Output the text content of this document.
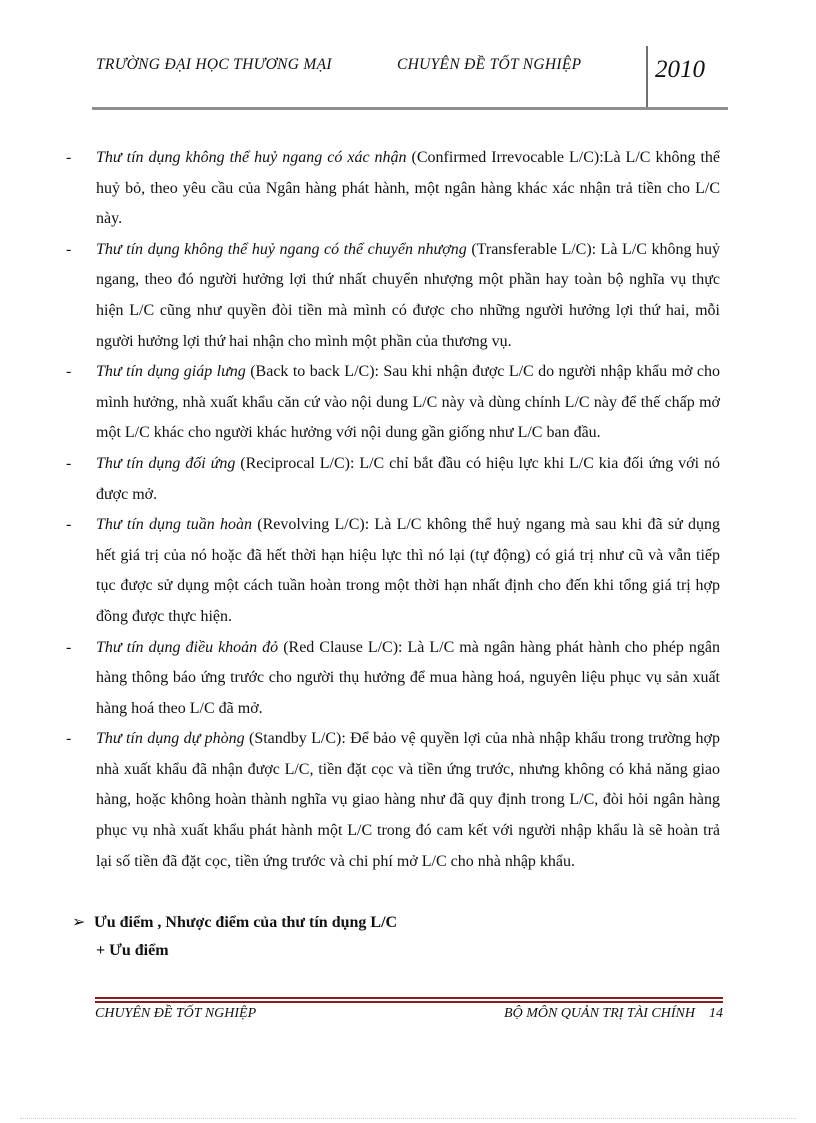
TRƯỜNG ĐẠI HỌC THƯƠNG MẠI	CHUYÊN ĐỀ TỐT NGHIỆP	2010
- Thư tín dụng không thể huỷ ngang có xác nhận (Confirmed Irrevocable L/C):Là L/C không thể huỷ bỏ, theo yêu cầu của Ngân hàng phát hành, một ngân hàng khác xác nhận trả tiền cho L/C này.
- Thư tín dụng không thể huỷ ngang có thể chuyển nhượng (Transferable L/C): Là L/C không huỷ ngang, theo đó người hưởng lợi thứ nhất chuyển nhượng một phần hay toàn bộ nghĩa vụ thực hiện L/C cũng như quyền đòi tiền mà mình có được cho những người hưởng lợi thứ hai, mỗi người hưởng lợi thứ hai nhận cho mình một phần của thương vụ.
- Thư tín dụng giáp lưng (Back to back L/C): Sau khi nhận được L/C do người nhập khẩu mở cho mình hưởng, nhà xuất khẩu căn cứ vào nội dung L/C này và dùng chính L/C này để thế chấp mở một L/C khác cho người khác hưởng với nội dung gần giống như L/C ban đầu.
- Thư tín dụng đối ứng (Reciprocal L/C): L/C chỉ bắt đầu có hiệu lực khi L/C kia đối ứng với nó được mở.
- Thư tín dụng tuần hoàn (Revolving L/C): Là L/C không thể huỷ ngang mà sau khi đã sử dụng hết giá trị của nó hoặc đã hết thời hạn hiệu lực thì nó lại (tự động) có giá trị như cũ và vẫn tiếp tục được sử dụng một cách tuần hoàn trong một thời hạn nhất định cho đến khi tổng giá trị hợp đồng được thực hiện.
- Thư tín dụng điều khoản đỏ (Red Clause L/C): Là L/C mà ngân hàng phát hành cho phép ngân hàng thông báo ứng trước cho người thụ hưởng để mua hàng hoá, nguyên liệu phục vụ sản xuất hàng hoá theo L/C đã mở.
- Thư tín dụng dự phòng (Standby L/C): Để bảo vệ quyền lợi của nhà nhập khẩu trong trường hợp nhà xuất khẩu đã nhận được L/C, tiền đặt cọc và tiền ứng trước, nhưng không có khả năng giao hàng, hoặc không hoàn thành nghĩa vụ giao hàng như đã quy định trong L/C, đòi hỏi ngân hàng phục vụ nhà xuất khẩu phát hành một L/C trong đó cam kết với người nhập khẩu là sẽ hoàn trả lại số tiền đã đặt cọc, tiền ứng trước và chi phí mở L/C cho nhà nhập khẩu.
➢ Ưu điểm , Nhược điểm của thư tín dụng L/C
+ Ưu điểm
CHUYÊN ĐỀ TỐT NGHIỆP	BỘ MÔN QUẢN TRỊ TÀI CHÍNH    14
